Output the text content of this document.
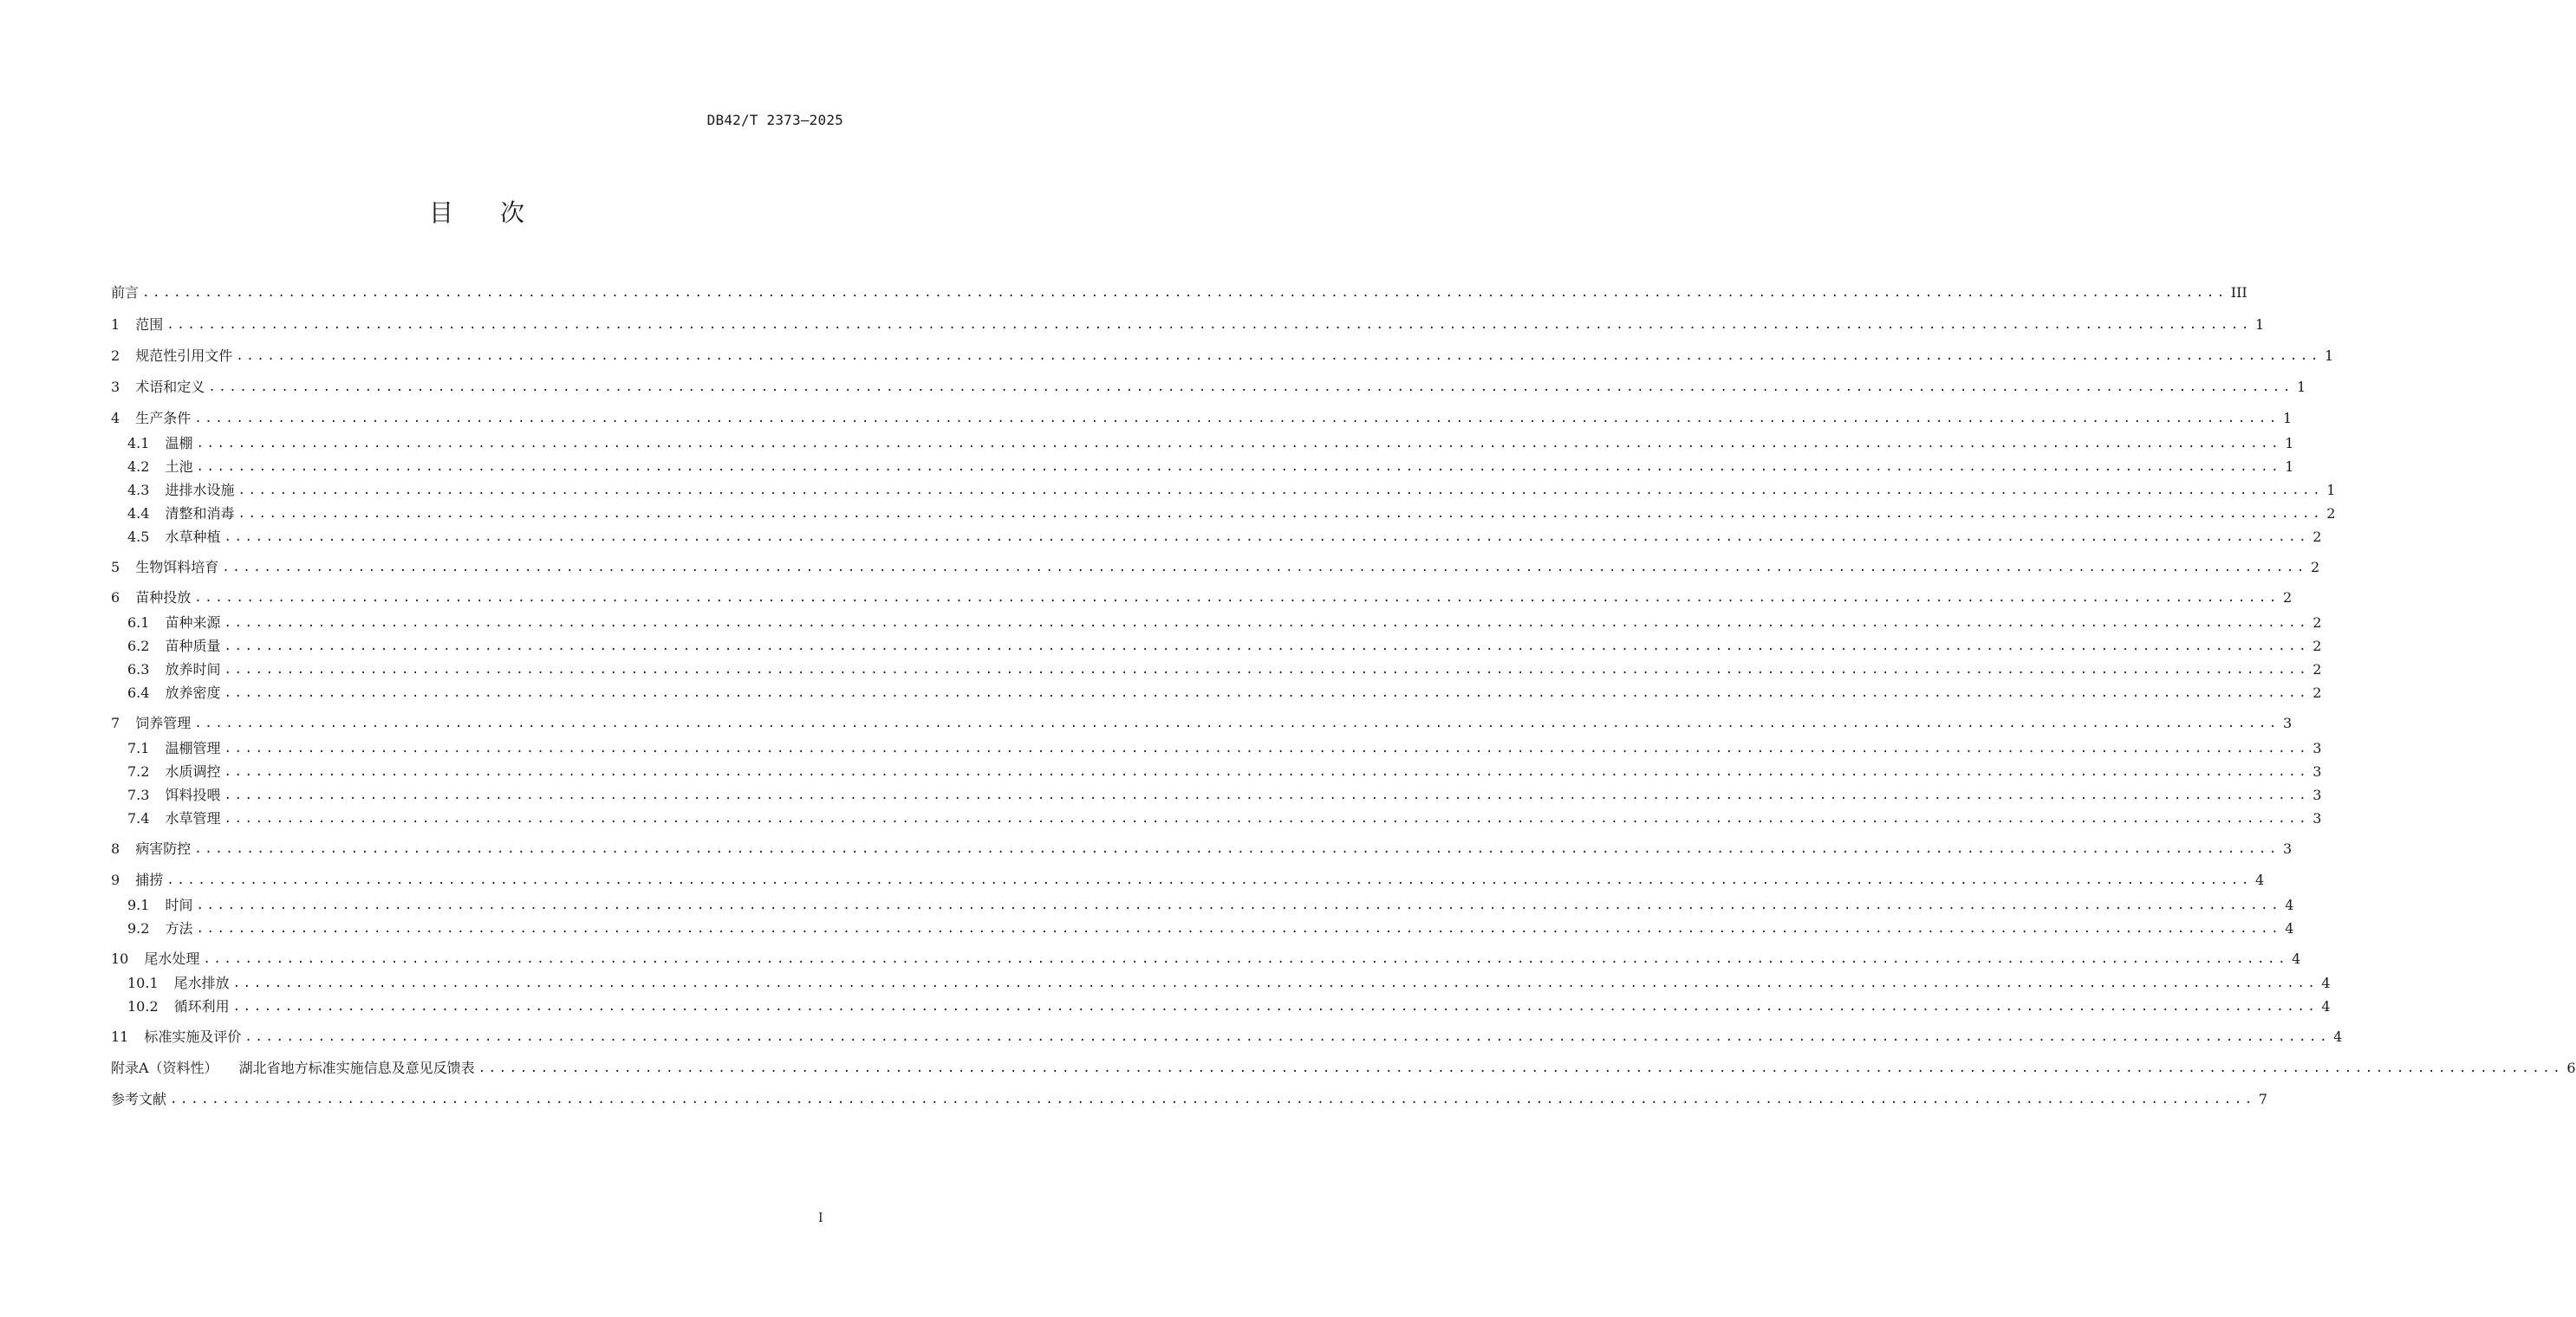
DB42/T 2373—2025
目 次
前言 ........................................................................................................................................................................................................ III
1 范围 ........................................................................................................................................................................................................ 1
2 规范性引用文件 ........................................................................................................................................................................................................ 1
3 术语和定义 ........................................................................................................................................................................................................ 1
4 生产条件 ........................................................................................................................................................................................................ 1
4.1 温棚 ........................................................................................................................................................................................................ 1
4.2 土池 ........................................................................................................................................................................................................ 1
4.3 进排水设施 ........................................................................................................................................................................................................ 1
4.4 清整和消毒 ........................................................................................................................................................................................................ 2
4.5 水草种植 ........................................................................................................................................................................................................ 2
5 生物饵料培育 ........................................................................................................................................................................................................ 2
6 苗种投放 ........................................................................................................................................................................................................ 2
6.1 苗种来源 ........................................................................................................................................................................................................ 2
6.2 苗种质量 ........................................................................................................................................................................................................ 2
6.3 放养时间 ........................................................................................................................................................................................................ 2
6.4 放养密度 ........................................................................................................................................................................................................ 2
7 饲养管理 ........................................................................................................................................................................................................ 3
7.1 温棚管理 ........................................................................................................................................................................................................ 3
7.2 水质调控 ........................................................................................................................................................................................................ 3
7.3 饵料投喂 ........................................................................................................................................................................................................ 3
7.4 水草管理 ........................................................................................................................................................................................................ 3
8 病害防控 ........................................................................................................................................................................................................ 3
9 捕捞 ........................................................................................................................................................................................................ 4
9.1 时间 ........................................................................................................................................................................................................ 4
9.2 方法 ........................................................................................................................................................................................................ 4
10 尾水处理 ........................................................................................................................................................................................................ 4
10.1 尾水排放 ........................................................................................................................................................................................................ 4
10.2 循环利用 ........................................................................................................................................................................................................ 4
11 标准实施及评价 ........................................................................................................................................................................................................ 4
附录A（资料性） 湖北省地方标准实施信息及意见反馈表 ........................................................................................................................................................................................................ 6
参考文献 ........................................................................................................................................................................................................ 7
I
